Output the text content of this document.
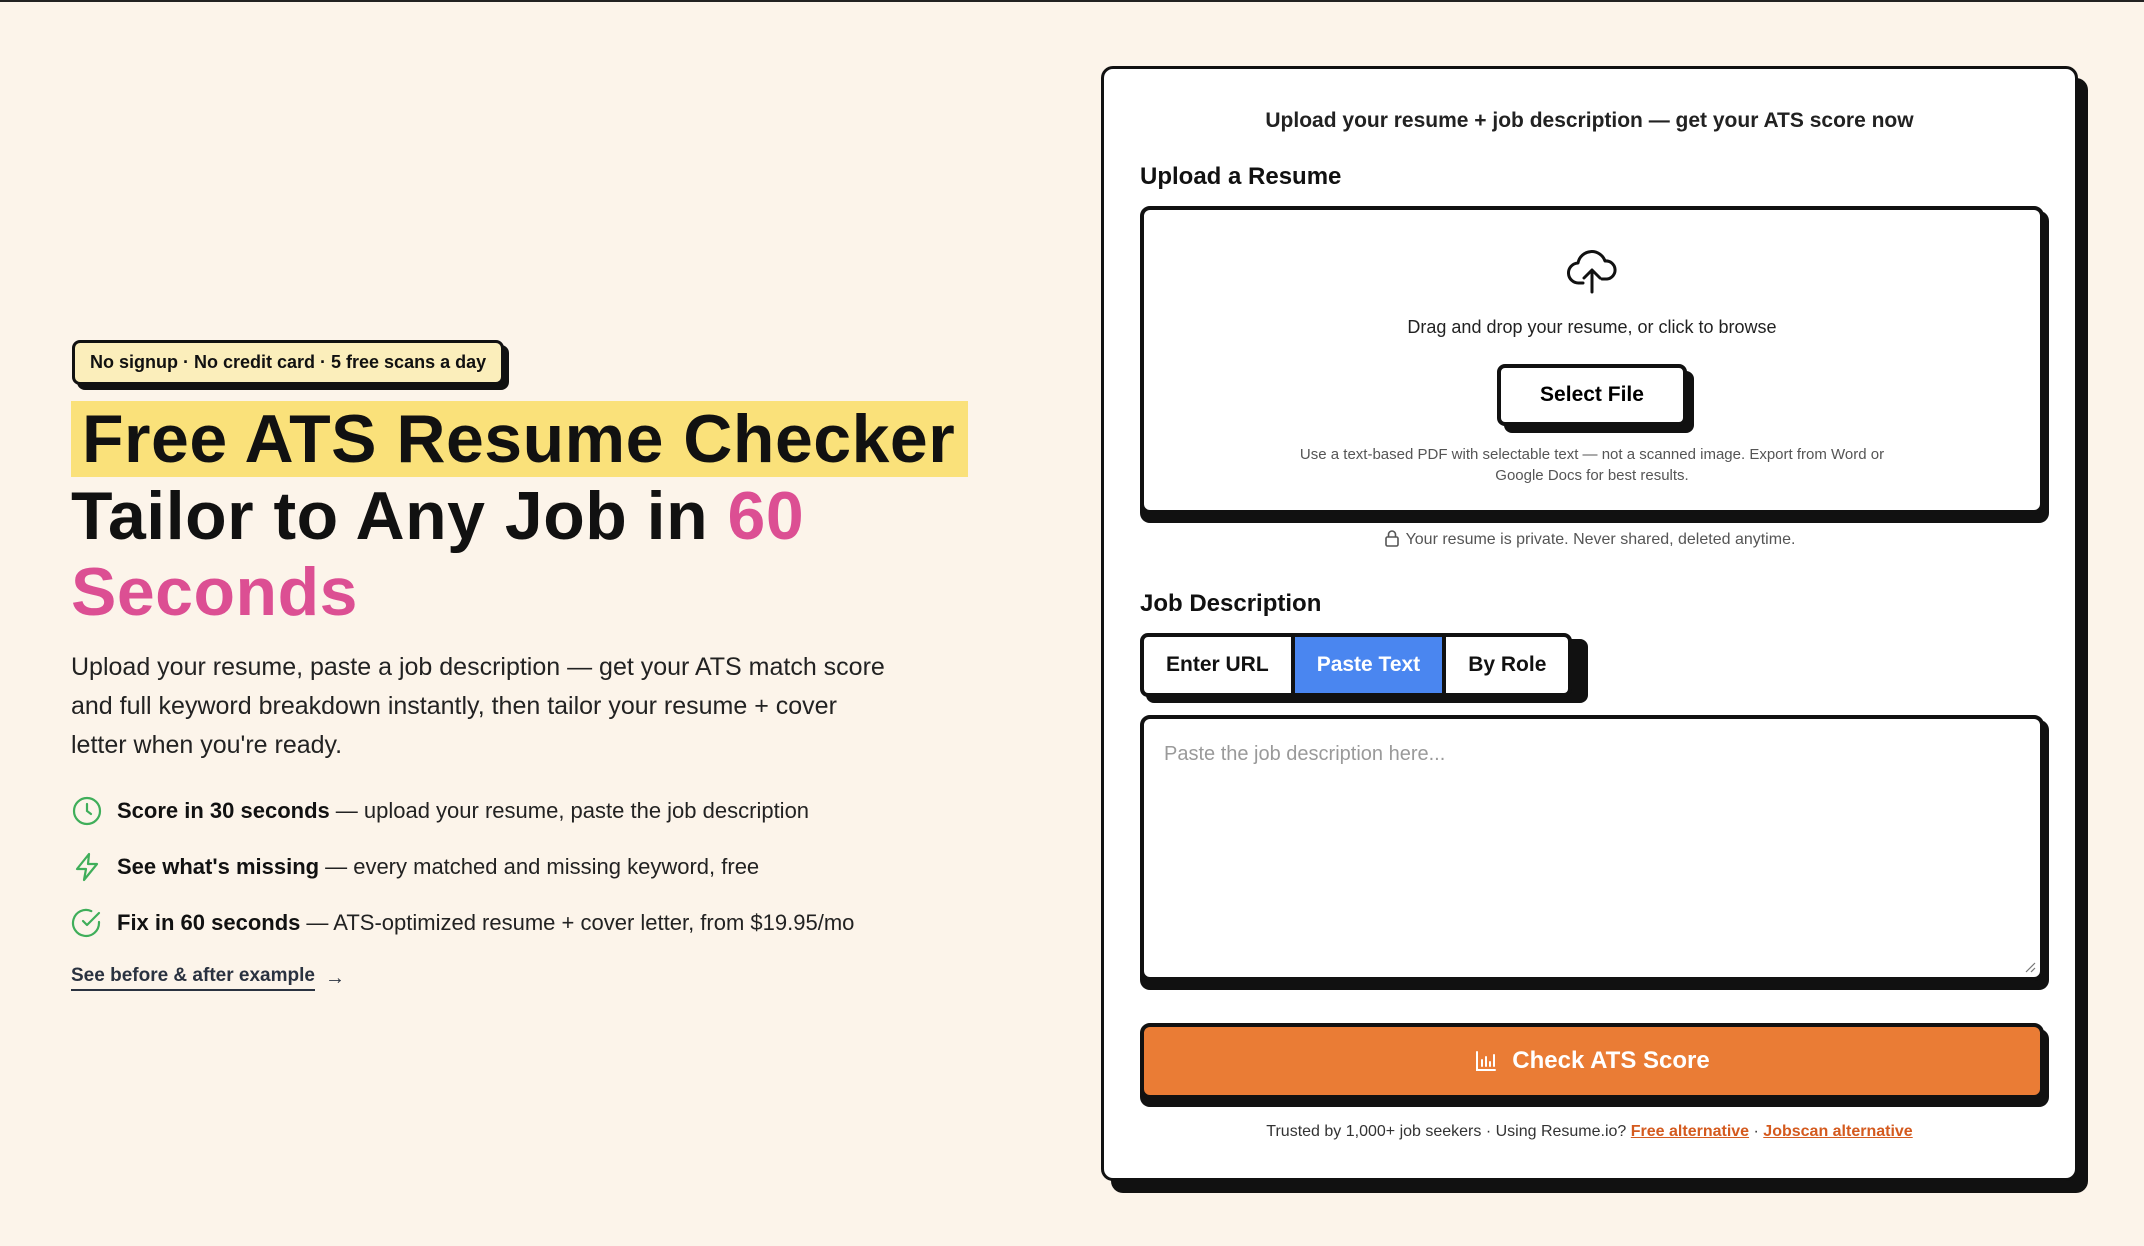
No signup · No credit card · 5 free scans a day
Free ATS Resume Checker
Tailor to Any Job in 60 Seconds

Upload your resume, paste a job description — get your ATS match score and full keyword breakdown instantly, then tailor your resume + cover letter when you're ready.

Score in 30 seconds — upload your resume, paste the job description
See what's missing — every matched and missing keyword, free
Fix in 60 seconds — ATS-optimized resume + cover letter, from $19.95/mo
See before & after example →
Upload your resume + job description — get your ATS score now
Upload a Resume
Drag and drop your resume, or click to browse
Select File
Use a text-based PDF with selectable text — not a scanned image. Export from Word or Google Docs for best results.
Your resume is private. Never shared, deleted anytime.
Job Description
Enter URL	Paste Text	By Role
Paste the job description here...
Check ATS Score
Trusted by 1,000+ job seekers · Using Resume.io? Free alternative · Jobscan alternative
